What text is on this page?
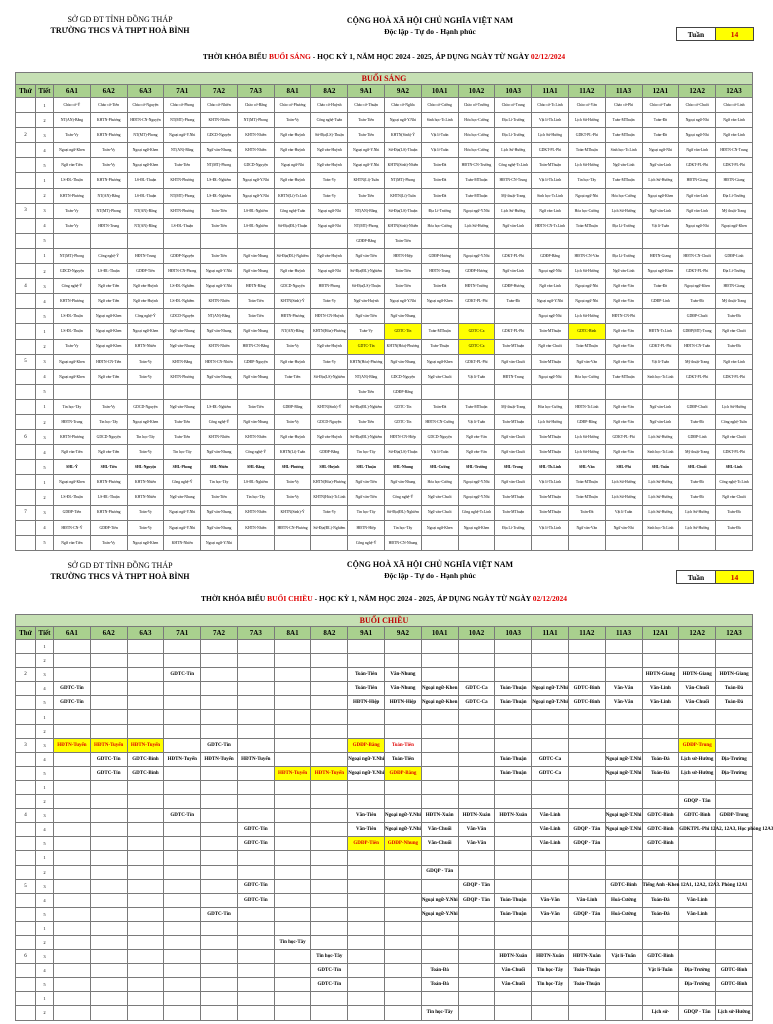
SỞ GD ĐT TỈNH ĐỒNG THÁP
TRƯỜNG THCS VÀ THPT HOÀ BÌNH
CỘNG HOÀ XÃ HỘI CHỦ NGHĨA VIỆT NAM
Độc lập - Tự do - Hạnh phúc	Tuần	14
THỜI KHÓA BIỂU BUỔI SÁNG - HỌC KỲ 1, NĂM HỌC 2024 - 2025, ÁP DỤNG NGÀY TỪ NGÀY 02/12/2024
BUỔI SÁNG																				
Thứ	Tiết	6A1	6A2	6A3	7A1	7A2	7A3	8A1	8A2	9A1	9A2	10A1	10A2	10A3	11A1	11A2	11A3	12A1	12A2	12A3
	1	Chào cờ-Ý	Chào cờ-Tiên	Chào cờ-Nguyện	Chào cờ-Phong	Chào cờ-Nhiên	Chào cờ-Bằng	Chào cờ-Phương	Chào cờ-Huỳnh	Chào cờ-Thuận	Chào cờ-Nghĩa	Chào cờ-Cường	Chào cờ-Trường	Chào cờ-Trung	Chào cờ-Tr.Linh	Chào cờ-Văn	Chào cờ-Phỉ	Chào cờ-Tuấn	Chào cờ-Chuối	Chào cờ-Linh
	2	NT(AN)-Bằng	KHTN-Phương	HĐTN-CN-Nguyện	NT(MT)-Phong	KHTN-Nhiên	NT(MT)-Phong	Toán-Vy	Công nghệ-Tuấn	Toán-Tiên	Ngoại ngữ-Y.Nhi	Sinh học-Tr.Linh	Hóa học-Cường	Địa Lí-Trường	Vật lí-Th.Linh	Lịch Sử-Hường	Toán-MThuận	Toán-Đà	Ngoại ngữ-Nhi	Ngữ văn-Linh
2	3	Toán-Vy	KHTN-Phương	NT(MT)-Phong	Ngoại ngữ-Y.Nhi	GDCD-Nguyện	KHTN-Nhiên	Ngữ văn-Huỳnh	Sử-Địa(LS)-Thuận	Toán-Tiên	KHTN(Sinh)-Ý	Vật lí-Tuấn	Hóa học-Cường	Địa Lí-Trường	Lịch Sử-Hường	GDKT-PL-Phỉ	Toán-MThuận	Toán-Đà	Ngoại ngữ-Nhi	Ngữ văn-Linh
	4	Ngoại ngữ-Khen	Toán-Vy	Ngoại ngữ-Khen	NT(AN)-Bằng	Ngữ văn-Nhung	KHTN-Nhiên	Ngữ văn-Huỳnh	Ngữ văn-Huỳnh	Ngoại ngữ-Y.Nhi	Sử-Địa(LS)-Thuận	Vật lí-Tuấn	Hóa học-Cường	Lịch Sử-Hường	GDKT-PL-Phỉ	Toán-MThuận	Sinh học-Tr.Linh	Ngoại ngữ-Nhi	Ngữ văn-Linh	HĐTN-CN-Trung
	5	Ngữ văn-Tiên	Toán-Vy	Ngoại ngữ-Khen	Toán-Tiên	NT(MT)-Phong	GDCD-Nguyện	Ngoại ngữ-Nhi	Ngữ văn-Huỳnh	Ngoại ngữ-Y.Nhi	KHTN(Sinh)-Nhiên	Toán-Đà	HĐTN-CN-Trường	Công nghệ-Tr.Linh	Toán-MThuận	Lịch Sử-Hường	Ngữ văn-Linh	Ngữ văn-Linh	GDKT-PL-Phỉ	GDKT-PL-Phỉ
	1	LS-ĐL-Thuận	KHTN-Phương	LS-ĐL-Thuận	KHTN-Phương	LS-ĐL-Nghiêm	Ngoại ngữ-Y.Nhi	Ngữ văn-Huỳnh	Toán-Vy	KHTN(Lí)-Tuấn	NT(MT)-Phong	Toán-Đà	Toán-MThuận	HĐTN-CN-Trung	Vật lí-Th.Linh	Tin học-Tây	Toán-MThuận	Lịch Sử-Hường	HĐTN-Giang	HĐTN-Giang
	2	KHTN-Phương	NT(AN)-Bằng	LS-ĐL-Thuận	NT(MT)-Phong	LS-ĐL-Nghiêm	Ngoại ngữ-Y.Nhi	KHTN(Lí)-Tr.Linh	Toán-Vy	Toán-Tiên	KHTN(Lí)-Tuấn	Toán-Đà	Toán-MThuận	Mỹ thuật-Trang	Sinh học-Tr.Linh	Ngoại ngữ-Nhi	Hóa học-Cường	Ngoại ngữ-Khen	Ngữ văn-Linh	Địa Lí-Trường
3	3	Toán-Vy	NT(MT)-Phong	NT(AN)-Bằng	KHTN-Phương	Toán-Tiên	LS-ĐL-Nghiêm	Công nghệ-Tuấn	Ngoại ngữ-Nhi	NT(AN)-Bằng	Sử-Địa(LS)-Thuận	Địa Lí-Trường	Ngoại ngữ-Y.Nhi	Lịch Sử-Hường	Ngữ văn-Linh	Hóa học-Cường	Lịch Sử-Hường	Ngữ văn-Linh	Ngữ văn-Linh	Mỹ thuật-Trang
	4	Toán-Vy	HĐTN-Trung	NT(AN)-Bằng	LS-ĐL-Thuận	Toán-Tiên	LS-ĐL-Nghiêm	Sử-Địa(ĐL)-Thuận	Ngoại ngữ-Nhi	NT(MT)-Phong	KHTN(Sinh)-Nhiên	Hóa học-Cường	Lịch Sử-Hường	Ngữ văn-Linh	HĐTN-CN-Tr.Linh	Toán-MThuận	Địa Lí-Trường	Vật lí-Tuấn	Ngoại ngữ-Nhi	Ngoại ngữ-Khen
	5									GDĐP-Bằng	Toán-Tiên									
	1	NT(MT)-Phong	Công nghệ-Ý	HĐTN-Trung	GDĐP-Nguyện	Toán-Tiên	Ngữ văn-Nhung	Sử-Địa(ĐL)-Nghiêm	Ngữ văn-Huỳnh	Ngữ văn-Tiên	HĐTN-Hiệp	GDĐP-Hương	Ngoại ngữ-Y.Nhi	GDKT-PL-Phỉ	GDĐP-Bằng	HĐTN-CN-Văn	Địa Lí-Trường	HĐTN-Giang	HĐTN-CN-Chuối	GDĐP-Linh
	2	GDCD-Nguyện	LS-ĐL-Thuận	GDĐP-Tiên	HĐTN-CN-Phong	Ngoại ngữ-Y.Nhi	Ngữ văn-Nhung	Ngữ văn-Huỳnh	Ngoại ngữ-Nhi	Sử-Địa(ĐL)-Nghiêm	Toán-Tiên	HĐTN-Trung	GDĐP-Hương	Ngữ văn-Linh	Ngoại ngữ-Nhi	Lịch Sử-Hường	Ngữ văn-Linh	Ngoại ngữ-Khen	GDKT-PL-Phỉ	Địa Lí-Trường
4	3	Công nghệ-Ý	Ngữ văn-Tiên	Ngữ văn-Huỳnh	LS-ĐL-Nghiêm	Ngoại ngữ-Y.Nhi	HĐTN-Bằng	GDCD-Nguyện	HĐTN-Phong	Sử-Địa(LS)-Thuận	Toán-Tiên	Toán-Đà	HĐTN-Trường	GDĐP-Hương	Ngữ văn-Linh	Ngoại ngữ-Nhi	Ngữ văn-Văn	Toán-Đà	Ngoại ngữ-Khen	HĐTN-Giang
	4	KHTN-Phương	Ngữ văn-Tiên	Ngữ văn-Huỳnh	LS-ĐL-Nghiêm	KHTN-Nhiên	Toán-Tiên	KHTN(Sinh)-Ý	Toán-Vy	Ngữ văn-Huỳnh	Ngoại ngữ-Y.Nhi	Ngoại ngữ-Khen	GDKT-PL-Phỉ	Toán-Đà	Ngoại ngữ-Y.Nhi	Ngoại ngữ-Nhi	Ngữ văn-Văn	GDĐP-Linh	Toán-Đà	Mỹ thuật-Trang
	5	LS-ĐL-Thuận	Ngoại ngữ-Khen	Công nghệ-Ý	GDCD-Nguyện	NT(AN)-Bằng	Toán-Tiên	HĐTN-Phương	HĐTN-CN-Huỳnh	Ngữ văn-Tiên	Ngữ văn-Nhung				Ngoại ngữ-Nhi	Lịch Sử-Hường	HĐTN-CN-Phỉ		GDĐP-Chuối	Toán-Đà
	1	LS-ĐL-Thuận	Ngoại ngữ-Khen	Ngoại ngữ-Khen	Ngữ văn-Nhung	Ngữ văn-Nhung	Ngữ văn-Nhung	NT(AN)-Bằng	KHTN(Hóa)-Phương	Toán-Vy	GDTC-Tín	Toán-MThuận	GDTC-Ca	GDKT-PL-Phỉ	Toán-MThuận	GDTC-Bình	Ngữ văn-Văn	HĐTN-Tr.Linh	GDĐP(MT)-Trang	Ngữ văn-Chuối
	2	Toán-Vy	Ngoại ngữ-Khen	KHTN-Nhiên	Ngữ văn-Nhung	KHTN-Nhiên	HĐTN-CN-Bằng	Toán-Vy	Ngữ văn-Huỳnh	GDTC-Tín	KHTN(Hóa)-Phương	Toán-Thuận	GDTC-Ca	Toán-MThuận	Ngữ văn-Chuối	Toán-MThuận	Ngữ văn-Văn	GDKT-PL-Phỉ	HĐTN-CN-Tuấn	Toán-Đà
5	3	Ngoại ngữ-Khen	HĐTN-CN-Tiên	Toán-Vy	KHTN-Bằng	HĐTN-CN-Nhiên	GDĐP-Nguyện	Ngữ văn-Huỳnh	Toán-Vy	KHTN(Hóa)-Phương	Ngữ văn-Nhung	Ngoại ngữ-Khen	GDKT-PL-Phỉ	Ngữ văn-Chuối	Toán-MThuận	Ngữ văn-Văn	Ngữ văn-Văn	Vật lí-Tuấn	Mỹ thuật-Trang	Ngữ văn-Linh
	4	Ngoại ngữ-Khen	Ngữ văn-Tiên	Toán-Vy	KHTN-Phương	Ngữ văn-Nhung	Ngữ văn-Nhung	Toán-Tiên	Sử-Địa(LS)-Nghiêm	NT(AN)-Bằng	GDCD-Nguyện	Ngữ văn-Chuối	Vật lí-Tuấn	HĐTN-Trung	Ngoại ngữ-Nhi	Hóa học-Cường	Toán-MThuận	Sinh học-Tr.Linh	GDKT-PL-Phỉ	GDKT-PL-Phỉ
	5									Toán-Tiên	GDĐP-Bằng									
	1	Tin học-Tây	Toán-Vy	GDCD-Nguyện	Ngữ văn-Nhung	LS-ĐL-Nghiêm	Toán-Tiên	GDĐP-Bằng	KHTN(Sinh)-Ý	Sử-Địa(ĐL)-Nghiêm	GDTC-Tín	Toán-Đà	Toán-MThuận	Mỹ thuật-Trang	Hóa học-Cường	HĐTN-Tr.Linh	Ngữ văn-Văn	Ngữ văn-Linh	GDĐP-Chuối	Lịch Sử-Hường
	2	HĐTN-Trung	Tin học-Tây	Ngoại ngữ-Khen	Toán-Tiên	Công nghệ-Ý	Ngữ văn-Nhung	Toán-Vy	GDCD-Nguyện	Toán-Tiên	GDTC-Tín	HĐTN-CN-Cường	Vật lí-Tuấn	Toán-MThuận	Lịch Sử-Hường	GDĐP-Bằng	Ngữ văn-Văn	Ngữ văn-Linh	Toán-Đà	Công nghệ-Tuấn
6	3	KHTN-Phương	GDCD-Nguyện	Tin học-Tây	Toán-Tiên	KHTN-Nhiên	KHTN-Nhiên	Ngữ văn-Huỳnh	Ngữ văn-Huỳnh	Sử-Địa(ĐL)-Nghiêm	HĐTN-CN-Hiệp	GDCD-Nguyện	Ngữ văn-Văn	Ngữ văn-Chuối	Toán-MThuận	Lịch Sử-Hường	GDKT-PL-Phỉ	Lịch Sử-Hường	GDĐP-Linh	Ngữ văn-Chuối
	4	Ngữ văn-Tiên	Ngữ văn-Tiên	Toán-Vy	Tin học-Tây	Ngữ văn-Nhung	Công nghệ-Ý	KHTN(Lí)-Tuấn	GDĐP-Bằng	Tin học-Tây	Sử-Địa(LS)-Thuận	Vật lí-Tuấn	Ngữ văn-Văn	Ngữ văn-Chuối	Toán-MThuận	Lịch Sử-Hường	Ngữ văn-Văn	Sinh học-Tr.Linh	Mỹ thuật-Trang	GDKT-PL-Phỉ
	5	SHL-Ý	SHL-Tiên	SHL-Nguyện	SHL-Phong	SHL-Nhiên	SHL-Bằng	SHL-Phương	SHL-Huỳnh	SHL-Thuận	SHL-Nhung	SHL-Cường	SHL-Trường	SHL-Trung	SHL-Th.Linh	SHL-Văn	SHL-Phỉ	SHL-Tuấn	SHL-Chuối	SHL-Linh
	1	Ngoại ngữ-Khen	KHTN-Phương	KHTN-Nhiên	Công nghệ-Ý	Tin học-Tây	LS-ĐL-Nghiêm	Toán-Vy	KHTN(Hóa)-Phương	Ngữ văn-Tiên	Ngữ văn-Nhung	Hóa học-Cường	Ngoại ngữ-Y.Nhi	Ngữ văn-Chuối	Vật lí-Th.Linh	Toán-MThuận	Lịch Sử-Hường	Lịch Sử-Hường	Toán-Đà	Công nghệ-Tr.Linh
	2	LS-ĐL-Thuận	LS-ĐL-Thuận	KHTN-Nhiên	Ngữ văn-Nhung	Toán-Tiên	Tin học-Tây	Toán-Vy	KHTN(Hóa)-Tr.Linh	Ngữ văn-Tiên	Công nghệ-Ý	Ngữ văn-Chuối	Ngoại ngữ-Y.Nhi	Toán-MThuận	Toán-MThuận	Toán-MThuận	Lịch Sử-Hường	Lịch Sử-Hường	Toán-Đà	Ngữ văn-Chuối
7	3	GDĐP-Tiên	KHTN-Phương	Toán-Vy	Ngoại ngữ-Y.Nhi	Ngữ văn-Nhung	KHTN-Nhiên	KHTN(Sinh)-Ý	Toán-Vy	Tin học-Tây	Sử-Địa(ĐL)-Nghiêm	Ngữ văn-Chuối	Công nghệ-Tr.Linh	Toán-MThuận	Toán-MThuận	Toán-Đà	Vật lí-Tuấn	Lịch Sử-Hường	Lịch Sử-Hường	Toán-Đà
	4	HĐTN-CN-Ý	GDĐP-Tiên	Toán-Vy	Ngoại ngữ-Y.Nhi	Ngữ văn-Nhung	KHTN-Nhiên	HĐTN-CN-Phương	Sử-Địa(ĐL)-Nghiêm	HĐTN-Hiệp	Tin học-Tây	Ngoại ngữ-Khen	Ngoại ngữ-Khen	Địa Lí-Trường	Vật lí-Th.Linh	Ngữ văn-Văn	Ngữ văn-Nhi	Sinh học-Tr.Linh	Lịch Sử-Hường	Toán-Đà
	5	Ngữ văn-Tiên	Toán-Vy	Ngoại ngữ-Khen	KHTN-Nhiên	Ngoại ngữ-Y.Nhi				Công nghệ-Ý	HĐTN-CN-Nhung									
SỞ GD ĐT TỈNH ĐỒNG THÁP
TRƯỜNG THCS VÀ THPT HOÀ BÌNH
CỘNG HOÀ XÃ HỘI CHỦ NGHĨA VIỆT NAM
Độc lập - Tự do - Hạnh phúc	Tuần	14
THỜI KHÓA BIỂU BUỔI CHIỀU - HỌC KỲ 1, NĂM HỌC 2024 - 2025, ÁP DỤNG NGÀY TỪ NGÀY 02/12/2024
BUỔI CHIỀU																				
Thứ	Tiết	6A1	6A2	6A3	7A1	7A2	7A3	8A1	8A2	9A1	9A2	10A1	10A2	10A3	11A1	11A2	11A3	12A1	12A2	12A3
	1																			
	2																			
2	3				GDTC-Tín					Toán-Tiên	Văn-Nhung							HĐTN-Giang	HĐTN-Giang	HĐTN-Giang
	4	GDTC-Tín								Toán-Tiên	Văn-Nhung	Ngoại ngữ-Khen	GDTC-Ca	Toán-Thuận	Ngoại ngữ-T.Nhi	GDTC-Bình	Văn-Văn	Văn-Linh	Văn-Chuối	Toán-Đà
	5	GDTC-Tín								HĐTN-Hiệp	HĐTN-Hiệp	Ngoại ngữ-Khen	GDTC-Ca	Toán-Thuận	Ngoại ngữ-T.Nhi	GDTC-Bình	Văn-Văn	Văn-Linh	Văn-Chuối	Toán-Đà
	1																			
	2																			
3	3	HĐTN-Tuyến	HĐTN-Tuyến	HĐTN-Tuyến		GDTC-Tín				GDĐP-Bằng	Toán-Tiên								GDĐP-Trung	
	4		GDTC-Tín	GDTC-Bình	HĐTN-Tuyến	HĐTN-Tuyến	HĐTN-Tuyến			Ngoại ngữ-Y.Nhi	Toán-Tiên			Toán-Thuận	GDTC-Ca		Ngoại ngữ-T.Nhi	Toán-Đà	Lịch sử-Hường	Địa-Trường
	5		GDTC-Tín	GDTC-Bình				HĐTN-Tuyến	HĐTN-Tuyến	Ngoại ngữ-Y.Nhi	GDĐP-Bằng			Toán-Thuận	GDTC-Ca		Ngoại ngữ-T.Nhi	Toán-Đà	Lịch sử-Hường	Địa-Trường
	1																			
	2																		GDQP - Tân	
4	3				GDTC-Tín					Văn-Tiên	Ngoại ngữ-Y.Nhi	HĐTN-Xuân	HĐTN-Xuân	HĐTN-Xuân	Văn-Linh		Ngoại ngữ-T.Nhi	GDTC-Bình	GDTC-Bình	GDĐP-Trung
	4						GDTC-Tín			Văn-Tiên	Ngoại ngữ-Y.Nhi	Văn-Chuối	Văn-Văn		Văn-Linh	GDQP - Tân	Ngoại ngữ-T.Nhi	GDTC-Bình	GDKTPL-Phỉ 12A2, 12A3, Học phòng 12A3	
	5						GDTC-Tín			GDĐP-Tiên	GDĐP-Nhung	Văn-Chuối	Văn-Văn		Văn-Linh	GDQP - Tân		GDTC-Bình		
	1																			
	2											GDQP - Tân								
5	3						GDTC-Tín						GDQP - Tân				GDTC-Bình	Tiếng Anh -Khen 12A1, 12A2, 12A3. Phòng 12A1		
	4						GDTC-Tín					Ngoại ngữ-Y.Nhi	GDQP - Tân	Toán-Thuận	Văn-Văn	Văn-Linh	Hoá-Cường	Toán-Đà	Văn-Linh	
	5					GDTC-Tín						Ngoại ngữ-Y.Nhi		Toán-Thuận	Văn-Văn	GDQP - Tân	Hoá-Cường	Toán-Đà	Văn-Linh	
	1																			
	2							Tin học-Tây												
6	3								Tin học-Tây					HĐTN-Xuân	HĐTN-Xuân	HĐTN-Xuân	Vật lí-Tuấn	GDTC-Bình		
	4								GDTC-Tín			Toán-Đà		Văn-Chuối	Tin học-Tây	Toán-Thuận		Vật lí-Tuấn	Địa-Trường	GDTC-Bình
	5								GDTC-Tín			Toán-Đà		Văn-Chuối	Tin học-Tây	Toán-Thuận			Địa-Trường	GDTC-Bình
	1																			
	2											Tin học-Tây						Lịch sử-	GDQP - Tân	Lịch sử-Hường
